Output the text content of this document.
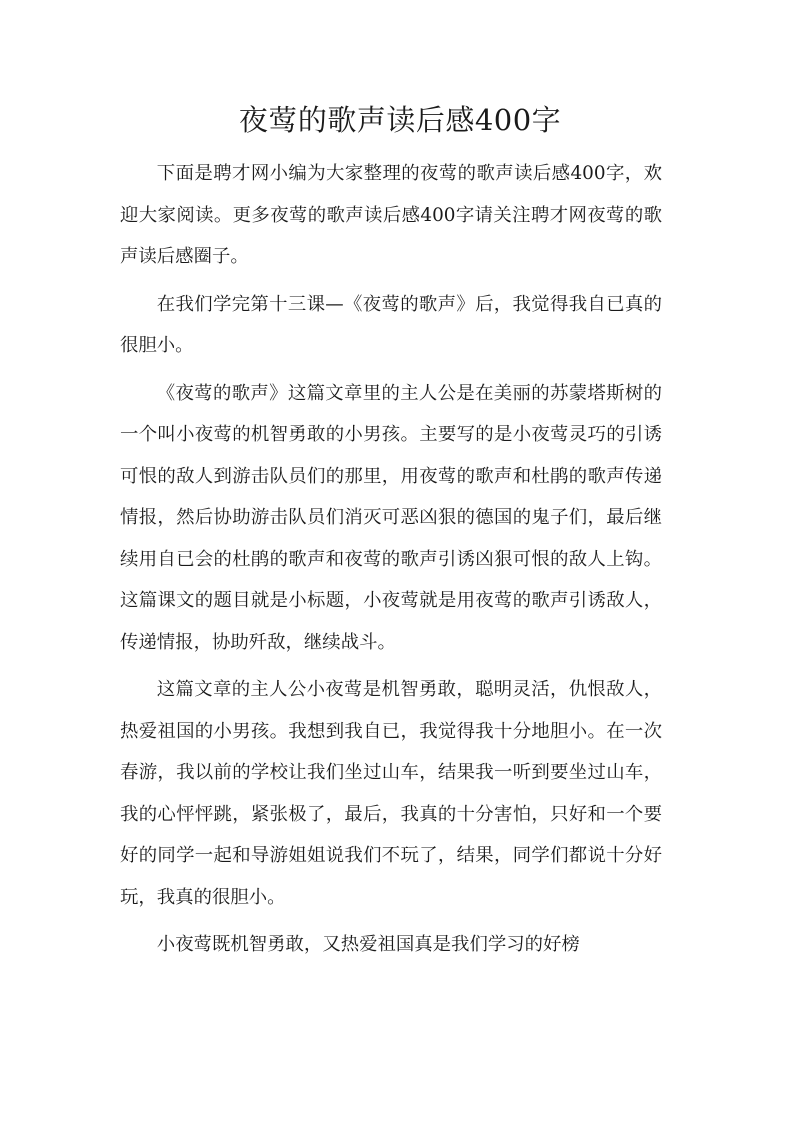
夜莺的歌声读后感400字

下面是聘才网小编为大家整理的夜莺的歌声读后感400字，欢迎大家阅读。更多夜莺的歌声读后感400字请关注聘才网夜莺的歌声读后感圈子。

在我们学完第十三课—《夜莺的歌声》后，我觉得我自已真的很胆小。

《夜莺的歌声》这篇文章里的主人公是在美丽的苏蒙塔斯树的一个叫小夜莺的机智勇敢的小男孩。主要写的是小夜莺灵巧的引诱可恨的敌人到游击队员们的那里，用夜莺的歌声和杜鹃的歌声传递情报，然后协助游击队员们消灭可恶凶狠的德国的鬼子们，最后继续用自已会的杜鹃的歌声和夜莺的歌声引诱凶狠可恨的敌人上钩。这篇课文的题目就是小标题，小夜莺就是用夜莺的歌声引诱敌人，传递情报，协助歼敌，继续战斗。

这篇文章的主人公小夜莺是机智勇敢，聪明灵活，仇恨敌人，热爱祖国的小男孩。我想到我自已，我觉得我十分地胆小。在一次春游，我以前的学校让我们坐过山车，结果我一听到要坐过山车，我的心怦怦跳，紧张极了，最后，我真的十分害怕，只好和一个要好的同学一起和导游姐姐说我们不玩了，结果，同学们都说十分好玩，我真的很胆小。

小夜莺既机智勇敢，又热爱祖国真是我们学习的好榜
